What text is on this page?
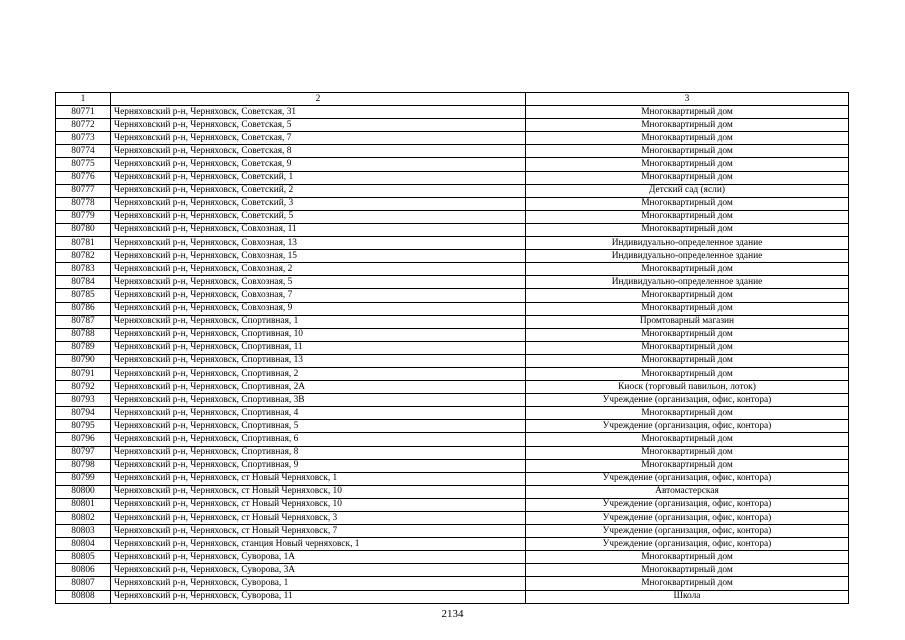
1	2	3
80771	Черняховский р-н, Черняховск, Советская, 31	Многоквартирный дом
80772	Черняховский р-н, Черняховск, Советская, 5	Многоквартирный дом
80773	Черняховский р-н, Черняховск, Советская, 7	Многоквартирный дом
80774	Черняховский р-н, Черняховск, Советская, 8	Многоквартирный дом
80775	Черняховский р-н, Черняховск, Советская, 9	Многоквартирный дом
80776	Черняховский р-н, Черняховск, Советский, 1	Многоквартирный дом
80777	Черняховский р-н, Черняховск, Советский, 2	Детский сад (ясли)
80778	Черняховский р-н, Черняховск, Советский, 3	Многоквартирный дом
80779	Черняховский р-н, Черняховск, Советский, 5	Многоквартирный дом
80780	Черняховский р-н, Черняховск, Совхозная, 11	Многоквартирный дом
80781	Черняховский р-н, Черняховск, Совхозная, 13	Индивидуально-определенное здание
80782	Черняховский р-н, Черняховск, Совхозная, 15	Индивидуально-определенное здание
80783	Черняховский р-н, Черняховск, Совхозная, 2	Многоквартирный дом
80784	Черняховский р-н, Черняховск, Совхозная, 5	Индивидуально-определенное здание
80785	Черняховский р-н, Черняховск, Совхозная, 7	Многоквартирный дом
80786	Черняховский р-н, Черняховск, Совхозная, 9	Многоквартирный дом
80787	Черняховский р-н, Черняховск, Спортивная, 1	Промтоварный магазин
80788	Черняховский р-н, Черняховск, Спортивная, 10	Многоквартирный дом
80789	Черняховский р-н, Черняховск, Спортивная, 11	Многоквартирный дом
80790	Черняховский р-н, Черняховск, Спортивная, 13	Многоквартирный дом
80791	Черняховский р-н, Черняховск, Спортивная, 2	Многоквартирный дом
80792	Черняховский р-н, Черняховск, Спортивная, 2А	Киоск (торговый павильон, лоток)
80793	Черняховский р-н, Черняховск, Спортивная, 3В	Учреждение (организация, офис, контора)
80794	Черняховский р-н, Черняховск, Спортивная, 4	Многоквартирный дом
80795	Черняховский р-н, Черняховск, Спортивная, 5	Учреждение (организация, офис, контора)
80796	Черняховский р-н, Черняховск, Спортивная, 6	Многоквартирный дом
80797	Черняховский р-н, Черняховск, Спортивная, 8	Многоквартирный дом
80798	Черняховский р-н, Черняховск, Спортивная, 9	Многоквартирный дом
80799	Черняховский р-н, Черняховск, ст Новый Черняховск, 1	Учреждение (организация, офис, контора)
80800	Черняховский р-н, Черняховск, ст Новый Черняховск, 10	Автомастерская
80801	Черняховский р-н, Черняховск, ст Новый Черняховск, 10	Учреждение (организация, офис, контора)
80802	Черняховский р-н, Черняховск, ст Новый Черняховск, 3	Учреждение (организация, офис, контора)
80803	Черняховский р-н, Черняховск, ст Новый Черняховск, 7	Учреждение (организация, офис, контора)
80804	Черняховский р-н, Черняховск, станция Новый черняховск, 1	Учреждение (организация, офис, контора)
80805	Черняховский р-н, Черняховск, Суворова, 1А	Многоквартирный дом
80806	Черняховский р-н, Черняховск, Суворова, 3А	Многоквартирный дом
80807	Черняховский р-н, Черняховск, Суворова, 1	Многоквартирный дом
80808	Черняховский р-н, Черняховск, Суворова, 11	Школа
2134
